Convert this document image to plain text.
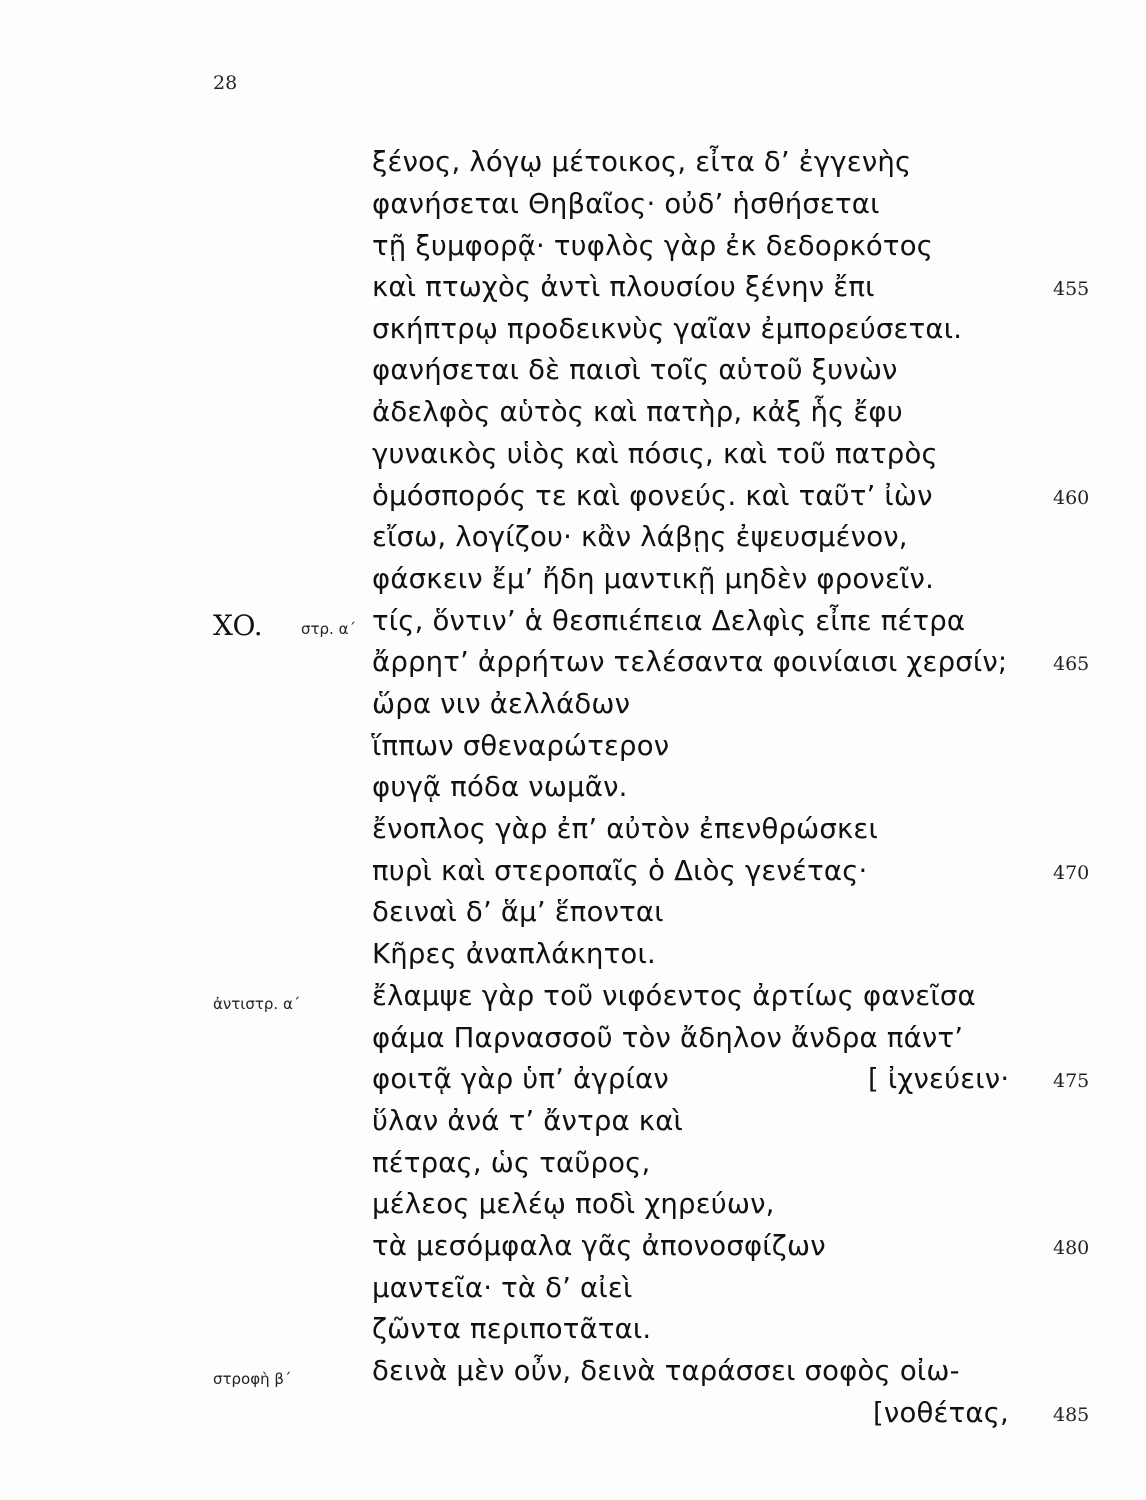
28
XO.	στρ. α΄
ἀντιστρ. α΄
στροφὴ β΄
ξένος, λόγῳ μέτοικος, εἶτα δ’ ἐγγενὴς
φανήσεται Θηβαῖος· οὐδ’ ἡσθήσεται
τῇ ξυμφορᾷ· τυφλὸς γὰρ ἐκ δεδορκότος
καὶ πτωχὸς ἀντὶ πλουσίου ξένην ἔπι	455
σκήπτρῳ προδεικνὺς γαῖαν ἐμπορεύσεται.
φανήσεται δὲ παισὶ τοῖς αὑτοῦ ξυνὼν
ἀδελφὸς αὑτὸς καὶ πατὴρ, κἀξ ἧς ἔφυ
γυναικὸς υἱὸς καὶ πόσις, καὶ τοῦ πατρὸς
ὁμόσπορός τε καὶ φονεύς. καὶ ταῦτ’ ἰὼν	460
εἴσω, λογίζου· κἂν λάβῃς ἐψευσμένον,
φάσκειν ἔμ’ ἤδη μαντικῇ μηδὲν φρονεῖν.
τίς, ὅντιν’ ἁ θεσπιέπεια Δελφὶς εἶπε πέτρα
ἄρρητ’ ἀρρήτων τελέσαντα φοινίαισι χερσίν; 465
ὥρα νιν ἀελλάδων
ἵππων σθεναρώτερον
φυγᾷ πόδα νωμᾶν.
ἔνοπλος γὰρ ἐπ’ αὐτὸν ἐπενθρώσκει
πυρὶ καὶ στεροπαῖς ὁ Διὸς γενέτας·	470
δειναὶ δ’ ἅμ’ ἕπονται
Κῆρες ἀναπλάκητοι.
ἔλαμψε γὰρ τοῦ νιφόεντος ἀρτίως φανεῖσα
φάμα Παρνασσοῦ τὸν ἄδηλον ἄνδρα πάντ’
φοιτᾷ γὰρ ὑπ’ ἀγρίαν	[ ἰχνεύειν· 475
ὕλαν ἀνά τ’ ἄντρα καὶ
πέτρας, ὡς ταῦρος,
μέλεος μελέῳ ποδὶ χηρεύων,
τὰ μεσόμφαλα γᾶς ἀπονοσφίζων	480
μαντεῖα· τὰ δ’ αἰεὶ
ζῶντα περιποτᾶται.
δεινὰ μὲν οὖν, δεινὰ ταράσσει σοφὸς οἰω-
[νοθέτας, 485
